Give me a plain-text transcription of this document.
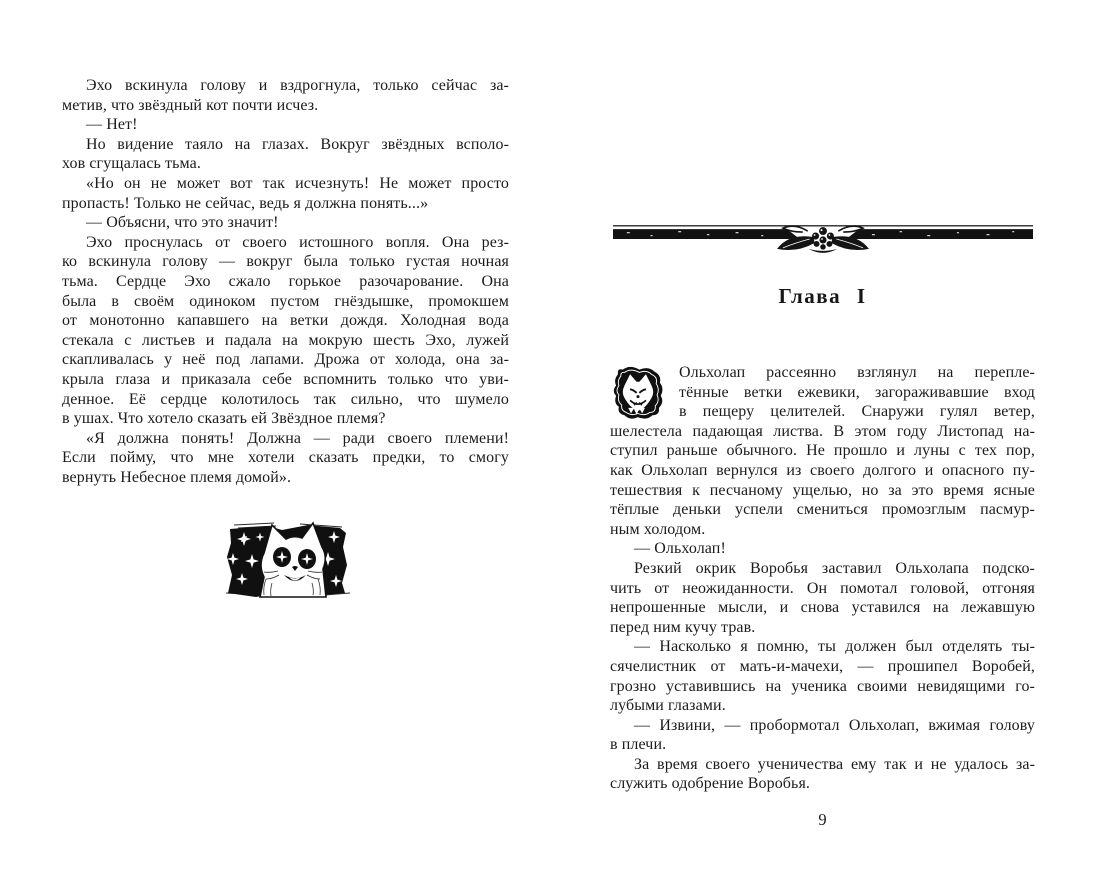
Эхо вскинула голову и вздрогнула, только сейчас за-
метив, что звёздный кот почти исчез.
— Нет!
Но видение таяло на глазах. Вокруг звёздных всполо-
хов сгущалась тьма.
«Но он не может вот так исчезнуть! Не может просто
пропасть! Только не сейчас, ведь я должна понять...»
— Объясни, что это значит!
Эхо проснулась от своего истошного вопля. Она рез-
ко вскинула голову — вокруг была только густая ночная
тьма. Сердце Эхо сжало горькое разочарование. Она
была в своём одиноком пустом гнёздышке, промокшем
от монотонно капавшего на ветки дождя. Холодная вода
стекала с листьев и падала на мокрую шесть Эхо, лужей
скапливалась у неё под лапами. Дрожа от холода, она за-
крыла глаза и приказала себе вспомнить только что уви-
денное. Её сердце колотилось так сильно, что шумело
в ушах. Что хотело сказать ей Звёздное племя?
«Я должна понять! Должна — ради своего племени!
Если пойму, что мне хотели сказать предки, то смогу
вернуть Небесное племя домой».
Глава I
Ольхолап рассеянно взглянул на перепле-
тённые ветки ежевики, загораживавшие вход
в пещеру целителей. Снаружи гулял ветер,
шелестела падающая листва. В этом году Листопад на-
ступил раньше обычного. Не прошло и луны с тех пор,
как Ольхолап вернулся из своего долгого и опасного пу-
тешествия к песчаному ущелью, но за это время ясные
тёплые деньки успели смениться промозглым пасмур-
ным холодом.
— Ольхолап!
Резкий окрик Воробья заставил Ольхолапа подско-
чить от неожиданности. Он помотал головой, отгоняя
непрошенные мысли, и снова уставился на лежавшую
перед ним кучу трав.
— Насколько я помню, ты должен был отделять ты-
сячелистник от мать-и-мачехи, — прошипел Воробей,
грозно уставившись на ученика своими невидящими го-
лубыми глазами.
— Извини, — пробормотал Ольхолап, вжимая голову
в плечи.
За время своего ученичества ему так и не удалось за-
служить одобрение Воробья.
9
